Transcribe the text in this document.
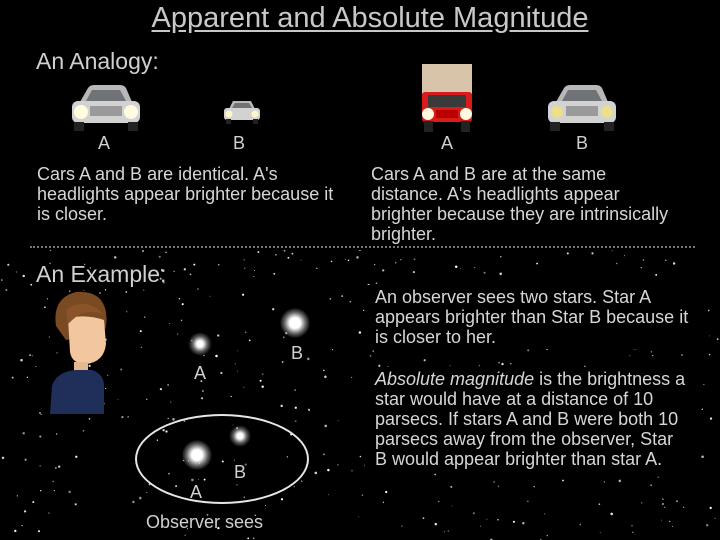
Apparent and Absolute Magnitude
An Analogy:
A	B
Cars A and B are identical. A's headlights appear brighter because it is closer.
A	B
Cars A and B are at the same distance. A's headlights appear brighter because they are intrinsically brighter.
An Example:
A
B
A
B
Observer sees
An observer sees two stars. Star A appears brighter than Star B because it is closer to her.
Absolute magnitude is the brightness a star would have at a distance of 10 parsecs. If stars A and B were both 10 parsecs away from the observer, Star B would appear brighter than star A.
